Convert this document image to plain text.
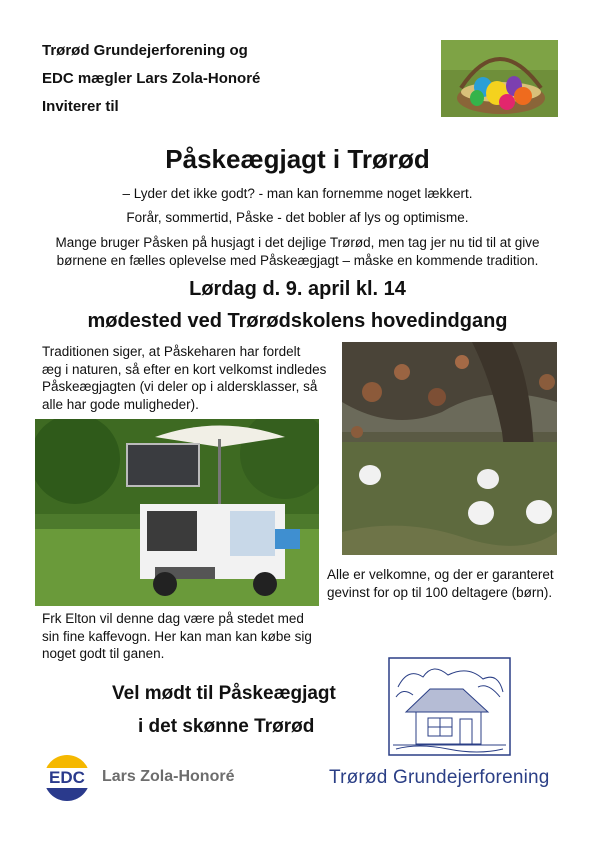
Trørød Grundejerforening og
EDC mægler Lars Zola-Honoré
Inviterer til
Påskeægjagt i Trørød
– Lyder det ikke godt? - man kan fornemme noget lækkert.
Forår, sommertid, Påske - det bobler af lys og optimisme.
Mange bruger Påsken på husjagt i det dejlige Trørød, men tag jer nu tid til at give
børnene en fælles oplevelse med Påskeægjagt – måske en kommende tradition.
Lørdag d. 9. april kl. 14
mødested ved Trørødskolens hovedindgang
Traditionen siger, at Påskeharen har fordelt
æg i naturen, så efter en kort velkomst indledes
Påskeægjagten (vi deler op i aldersklasser, så
alle har gode muligheder).
Alle er velkomne, og der er garanteret
gevinst for op til 100 deltagere (børn).
Frk Elton vil denne dag være på stedet med
sin fine kaffevogn. Her kan man kan købe sig
noget godt til ganen.
Vel mødt til Påskeægjagt
i det skønne Trørød
EDC	Lars Zola-Honoré	Trørød Grundejerforening
